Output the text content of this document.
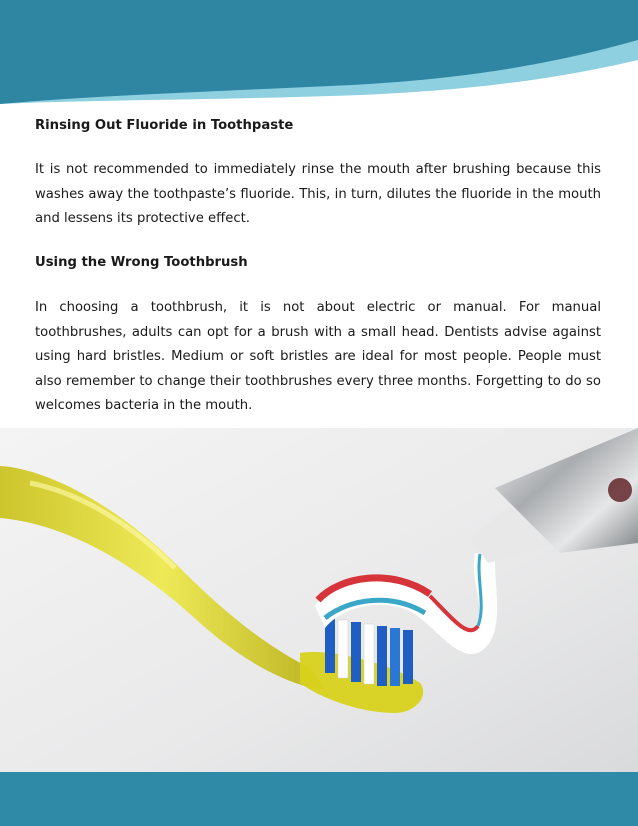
Rinsing Out Fluoride in Toothpaste

It is not recommended to immediately rinse the mouth after brushing because this washes away the toothpaste’s fluoride. This, in turn, dilutes the fluoride in the mouth and lessens its protective effect.

Using the Wrong Toothbrush

In choosing a toothbrush, it is not about electric or manual. For manual toothbrushes, adults can opt for a brush with a small head. Dentists advise against using hard bristles. Medium or soft bristles are ideal for most people. People must also remember to change their toothbrushes every three months. Forgetting to do so welcomes bacteria in the mouth.
